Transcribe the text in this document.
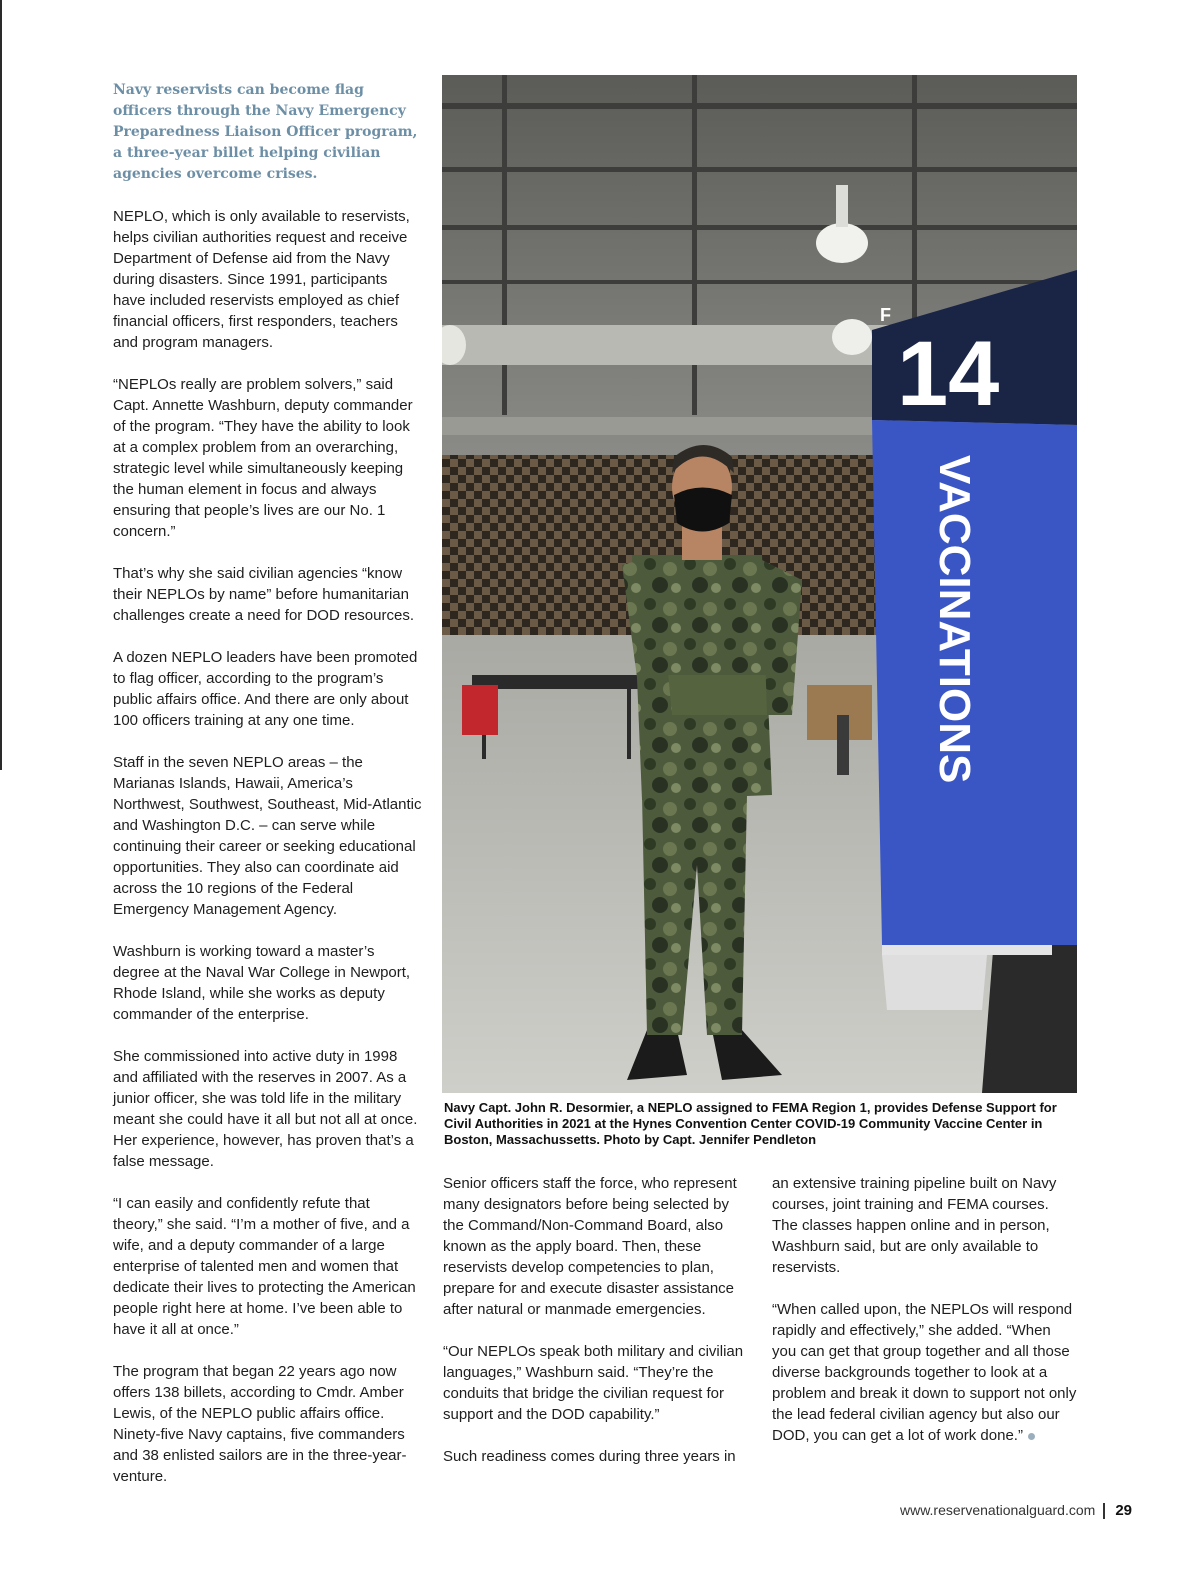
Navy reservists can become flag officers through the Navy Emergency Preparedness Liaison Officer program, a three-year billet helping civilian agencies overcome crises.

NEPLO, which is only available to reservists, helps civilian authorities request and receive Department of Defense aid from the Navy during disasters. Since 1991, participants have included reservists employed as chief financial officers, first responders, teachers and program managers.

“NEPLOs really are problem solvers,” said Capt. Annette Washburn, deputy commander of the program. “They have the ability to look at a complex problem from an overarching, strategic level while simultaneously keeping the human element in focus and always ensuring that people’s lives are our No. 1 concern.”

That’s why she said civilian agencies “know their NEPLOs by name” before humanitarian challenges create a need for DOD resources.

A dozen NEPLO leaders have been promoted to flag officer, according to the program’s public affairs office. And there are only about 100 officers training at any one time.

Staff in the seven NEPLO areas – the Marianas Islands, Hawaii, America’s Northwest, Southwest, Southeast, Mid-Atlantic and Washington D.C. – can serve while continuing their career or seeking educational opportunities. They also can coordinate aid across the 10 regions of the Federal Emergency Management Agency.

Washburn is working toward a master’s degree at the Naval War College in Newport, Rhode Island, while she works as deputy commander of the enterprise.

She commissioned into active duty in 1998 and affiliated with the reserves in 2007. As a junior officer, she was told life in the military meant she could have it all but not all at once. Her experience, however, has proven that’s a false message.

“I can easily and confidently refute that theory,” she said. “I’m a mother of five, and a wife, and a deputy commander of a large enterprise of talented men and women that dedicate their lives to protecting the American people right here at home. I’ve been able to have it all at once.”

The program that began 22 years ago now offers 138 billets, according to Cmdr. Amber Lewis, of the NEPLO public affairs office. Ninety-five Navy captains, five commanders and 38 enlisted sailors are in the three-year-venture.

F
14
VACCINATIONS
Navy Capt. John R. Desormier, a NEPLO assigned to FEMA Region 1, provides Defense Support for Civil Authorities in 2021 at the Hynes Convention Center COVID-19 Community Vaccine Center in Boston, Massachussetts. Photo by Capt. Jennifer Pendleton

Senior officers staff the force, who represent many designators before being selected by the Command/Non-Command Board, also known as the apply board. Then, these reservists develop competencies to plan, prepare for and execute disaster assistance after natural or manmade emergencies.

“Our NEPLOs speak both military and civilian languages,” Washburn said. “They’re the conduits that bridge the civilian request for support and the DOD capability.”

Such readiness comes during three years in

an extensive training pipeline built on Navy courses, joint training and FEMA courses. The classes happen online and in person, Washburn said, but are only available to reservists.

“When called upon, the NEPLOs will respond rapidly and effectively,” she added. “When you can get that group together and all those diverse backgrounds together to look at a problem and break it down to support not only the lead federal civilian agency but also our DOD, you can get a lot of work done.”

www.reservenationalguard.com 29
